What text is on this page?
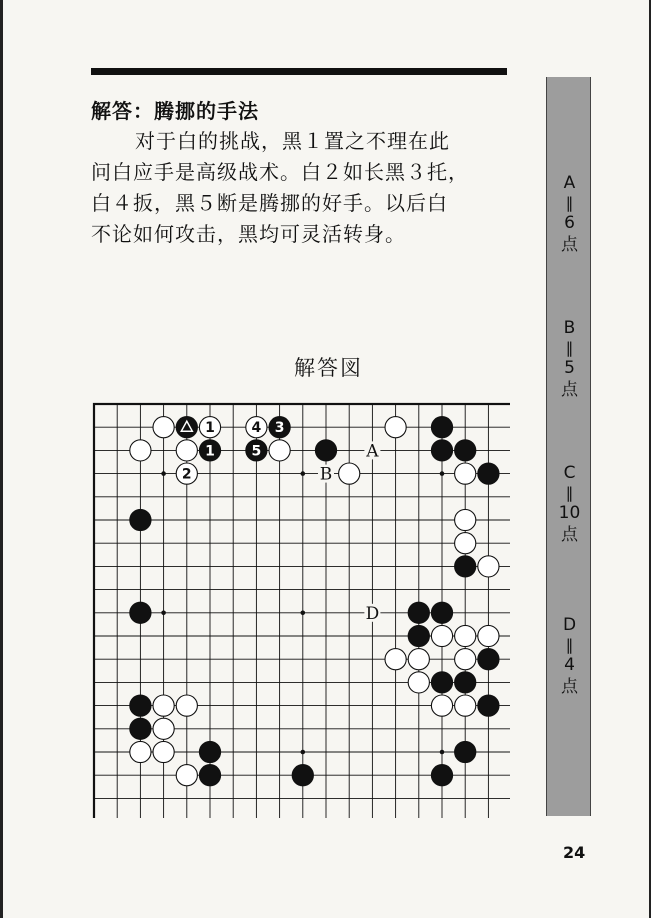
解答：腾挪的手法

对于白的挑战，黑１置之不理在此

问白应手是高级战术。白２如长黑３托，

白４扳，黑５断是腾挪的好手。以后白

不论如何攻击，黑均可灵活转身。

解答図
1	4 3
1	5
2
A
B
D
A
‖
6
点
B
‖
5
点
C
‖
10
点
D
‖
4
点
24
